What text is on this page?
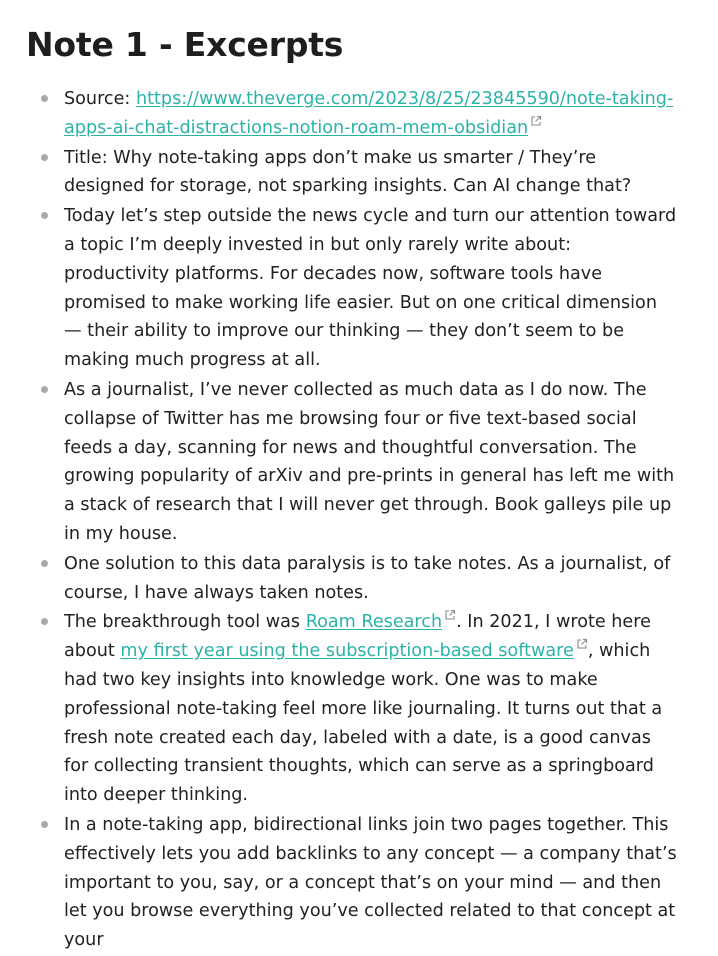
Note 1 - Excerpts
Source: https://www.theverge.com/2023/8/25/23845590/note-taking-apps-ai-chat-distractions-notion-roam-mem-obsidian
Title: Why note-taking apps don’t make us smarter / They’re designed for storage, not sparking insights. Can AI change that?
Today let’s step outside the news cycle and turn our attention toward a topic I’m deeply invested in but only rarely write about: productivity platforms. For decades now, software tools have promised to make working life easier. But on one critical dimension — their ability to improve our thinking — they don’t seem to be making much progress at all.
As a journalist, I’ve never collected as much data as I do now. The collapse of Twitter has me browsing four or five text-based social feeds a day, scanning for news and thoughtful conversation. The growing popularity of arXiv and pre-prints in general has left me with a stack of research that I will never get through. Book galleys pile up in my house.
One solution to this data paralysis is to take notes. As a journalist, of course, I have always taken notes.
The breakthrough tool was Roam Research . In 2021, I wrote here about my first year using the subscription-based software , which had two key insights into knowledge work. One was to make professional note-taking feel more like journaling. It turns out that a fresh note created each day, labeled with a date, is a good canvas for collecting transient thoughts, which can serve as a springboard into deeper thinking.
In a note-taking app, bidirectional links join two pages together. This effectively lets you add backlinks to any concept — a company that’s important to you, say, or a concept that’s on your mind — and then let you browse everything you’ve collected related to that concept at your
